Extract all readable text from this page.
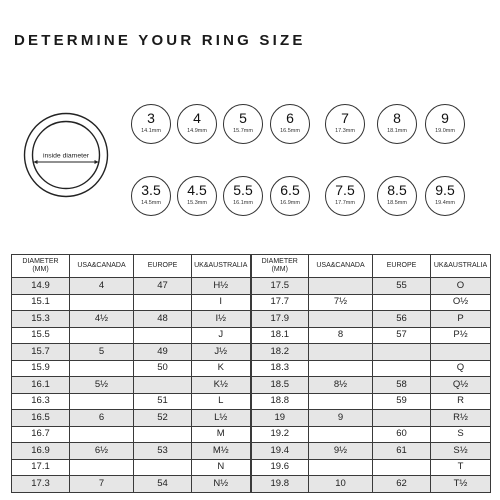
DETERMINE YOUR RING SIZE
inside diameter
3
14.1mm
4
14.9mm
5
15.7mm
6
16.5mm
7
17.3mm
8
18.1mm
9
19.0mm
3.5
14.5mm
4.5
15.3mm
5.5
16.1mm
6.5
16.9mm
7.5
17.7mm
8.5
18.5mm
9.5
19.4mm
DIAMETER
(MM)	USA&CANADA	EUROPE	UK&AUSTRALIA	DIAMETER
(MM)	USA&CANADA	EUROPE	UK&AUSTRALIA
14.9	4	47	H½	17.5		55	O
15.1			I	17.7	7½		O½
15.3	4½	48	I½	17.9		56	P
15.5			J	18.1	8	57	P½
15.7	5	49	J½	18.2			
15.9		50	K	18.3			Q
16.1	5½		K½	18.5	8½	58	Q½
16.3		51	L	18.8		59	R
16.5	6	52	L½	19	9		R½
16.7			M	19.2		60	S
16.9	6½	53	M½	19.4	9½	61	S½
17.1			N	19.6			T
17.3	7	54	N½	19.8	10	62	T½
